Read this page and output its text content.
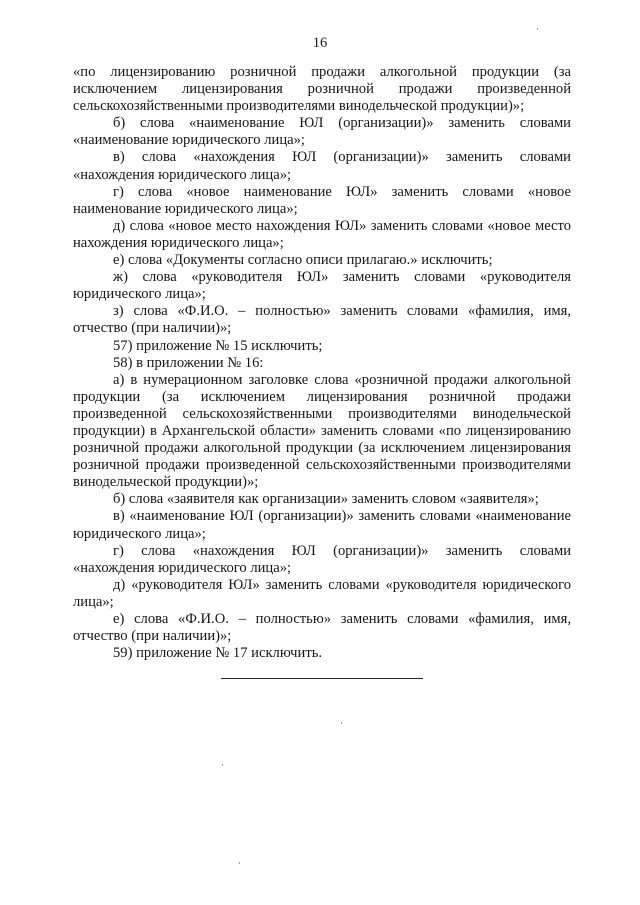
16

«по лицензированию розничной продажи алкогольной продукции (за исключением лицензирования розничной продажи произведенной сельскохозяйственными производителями винодельческой продукции)»;

б) слова «наименование ЮЛ (организации)» заменить словами «наименование юридического лица»;

в) слова «нахождения ЮЛ (организации)» заменить словами «нахождения юридического лица»;

г) слова «новое наименование ЮЛ» заменить словами «новое наименование юридического лица»;

д) слова «новое место нахождения ЮЛ» заменить словами «новое место нахождения юридического лица»;

е) слова «Документы согласно описи прилагаю.» исключить;

ж) слова «руководителя ЮЛ» заменить словами «руководителя юридического лица»;

з) слова «Ф.И.О. – полностью» заменить словами «фамилия, имя, отчество (при наличии)»;

57) приложение № 15 исключить;

58) в приложении № 16:

а) в нумерационном заголовке слова «розничной продажи алкогольной продукции (за исключением лицензирования розничной продажи произведенной сельскохозяйственными производителями винодельческой продукции) в Архангельской области» заменить словами «по лицензированию розничной продажи алкогольной продукции (за исключением лицензирования розничной продажи произведенной сельскохозяйственными производителями винодельческой продукции)»;

б) слова «заявителя как организации» заменить словом «заявителя»;

в) «наименование ЮЛ (организации)» заменить словами «наименование юридического лица»;

г) слова «нахождения ЮЛ (организации)» заменить словами «нахождения юридического лица»;

д) «руководителя ЮЛ» заменить словами «руководителя юридического лица»;

е) слова «Ф.И.О. – полностью» заменить словами «фамилия, имя, отчество (при наличии)»;

59) приложение № 17 исключить.
